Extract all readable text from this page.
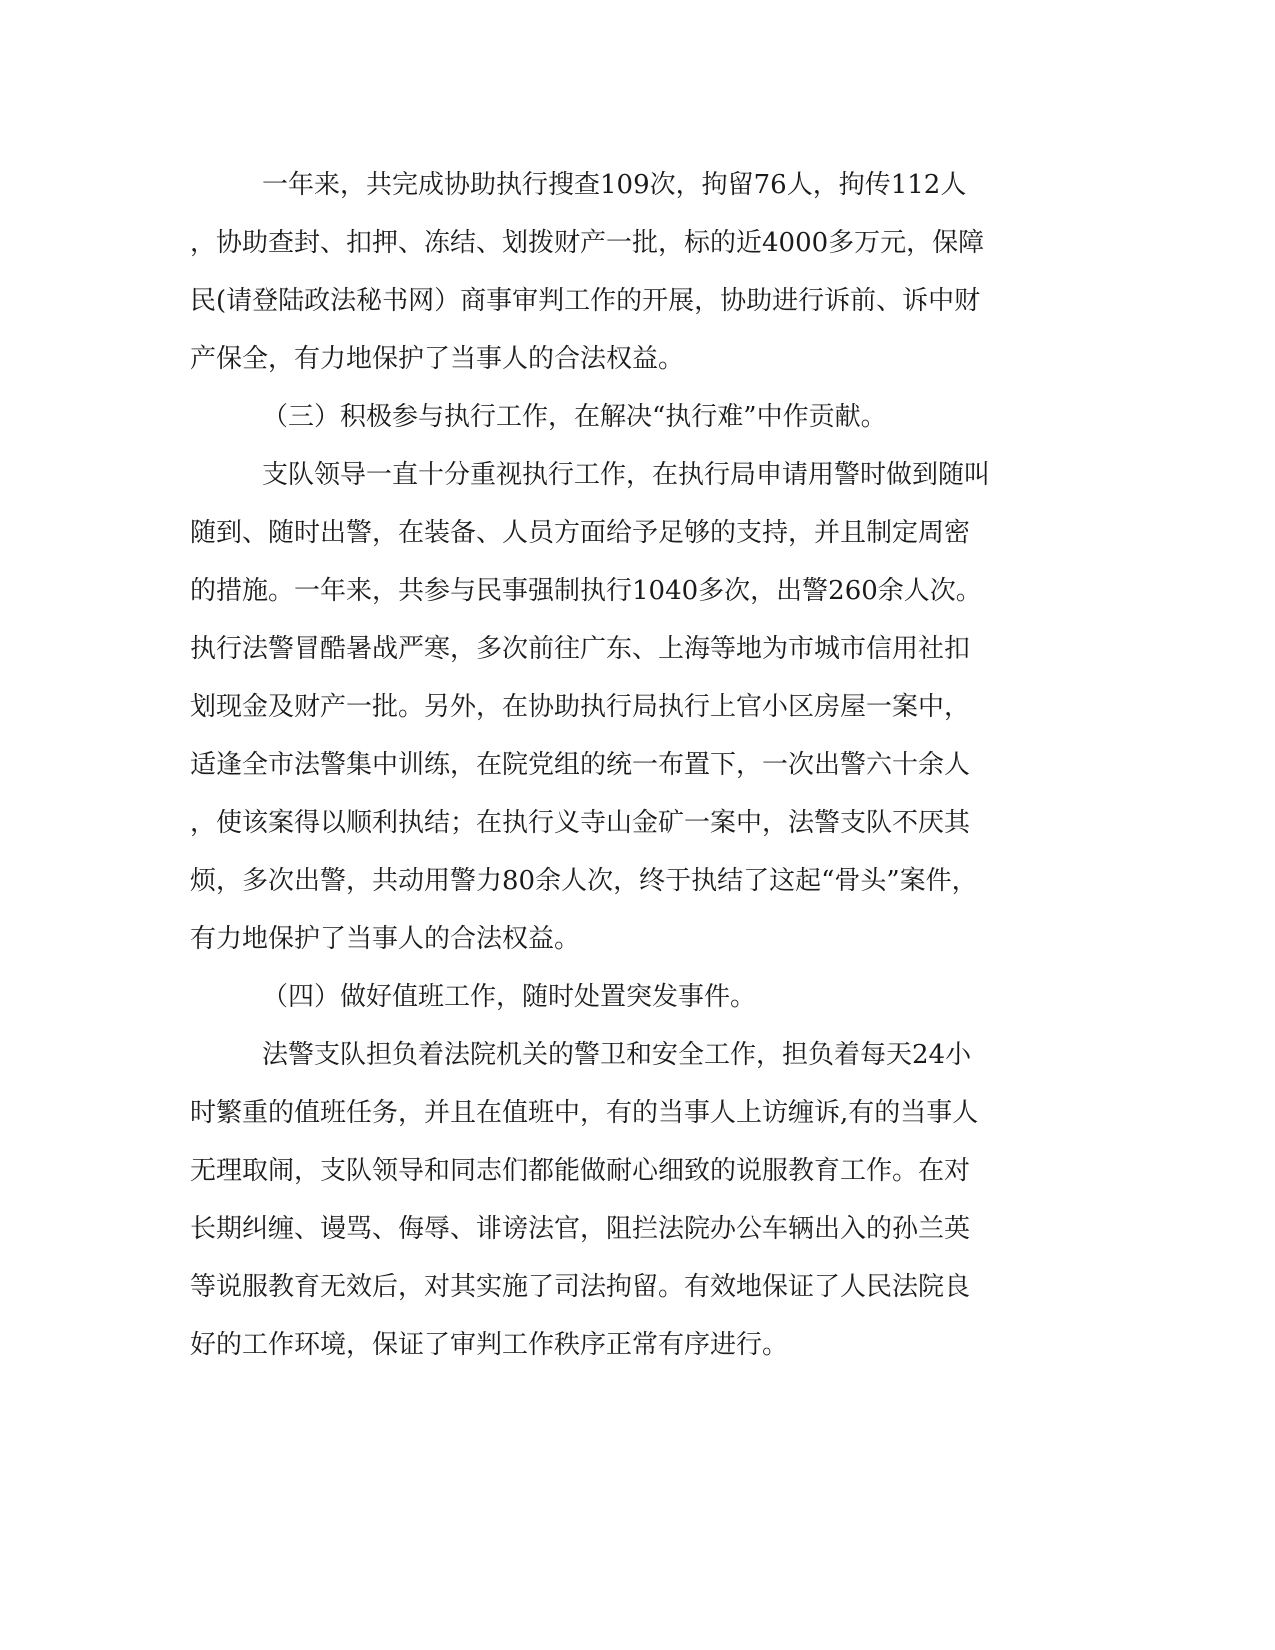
一年来，共完成协助执行搜查109次，拘留76人，拘传112人

，协助查封、扣押、冻结、划拨财产一批，标的近4000多万元，保障

民(请登陆政法秘书网）商事审判工作的开展，协助进行诉前、诉中财

产保全，有力地保护了当事人的合法权益。

（三）积极参与执行工作，在解决“执行难”中作贡献。

支队领导一直十分重视执行工作，在执行局申请用警时做到随叫

随到、随时出警，在装备、人员方面给予足够的支持，并且制定周密

的措施。一年来，共参与民事强制执行1040多次，出警260余人次。

执行法警冒酷暑战严寒，多次前往广东、上海等地为市城市信用社扣

划现金及财产一批。另外，在协助执行局执行上官小区房屋一案中，

适逢全市法警集中训练，在院党组的统一布置下，一次出警六十余人

，使该案得以顺利执结；在执行义寺山金矿一案中，法警支队不厌其

烦，多次出警，共动用警力80余人次，终于执结了这起“骨头”案件，

有力地保护了当事人的合法权益。

（四）做好值班工作，随时处置突发事件。

法警支队担负着法院机关的警卫和安全工作，担负着每天24小

时繁重的值班任务，并且在值班中，有的当事人上访缠诉,有的当事人

无理取闹，支队领导和同志们都能做耐心细致的说服教育工作。在对

长期纠缠、谩骂、侮辱、诽谤法官，阻拦法院办公车辆出入的孙兰英

等说服教育无效后，对其实施了司法拘留。有效地保证了人民法院良

好的工作环境，保证了审判工作秩序正常有序进行。
